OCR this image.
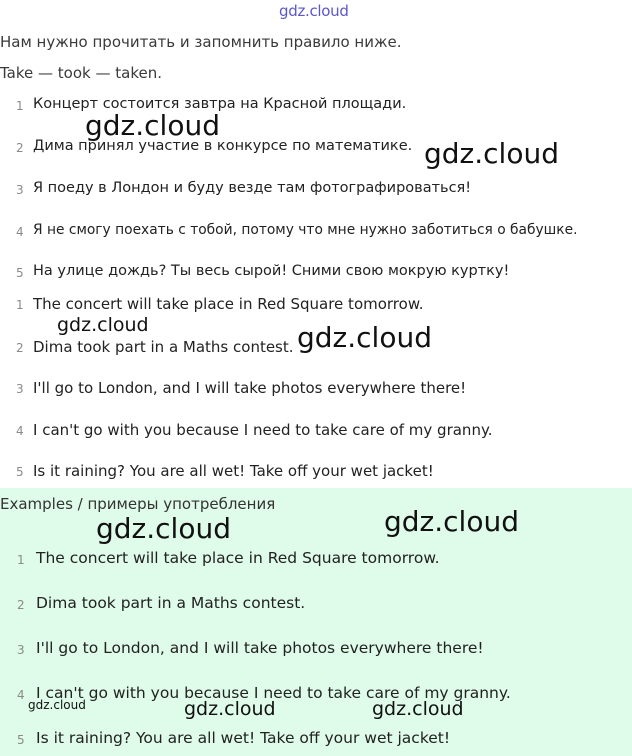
gdz.cloud
Нам нужно прочитать и запомнить правило ниже.
Take — took — taken.
1 Концерт состоится завтра на Красной площади.
2 Дима принял участие в конкурсе по математике.
3 Я поеду в Лондон и буду везде там фотографироваться!
4 Я не смогу поехать с тобой, потому что мне нужно заботиться о бабушке.
5 На улице дождь? Ты весь сырой! Сними свою мокрую куртку!
1 The concert will take place in Red Square tomorrow.
2 Dima took part in a Maths contest.
3 I'll go to London, and I will take photos everywhere there!
4 I can't go with you because I need to take care of my granny.
5 Is it raining? You are all wet! Take off your wet jacket!
Examples / примеры употребления
1 The concert will take place in Red Square tomorrow.
2 Dima took part in a Maths contest.
3 I'll go to London, and I will take photos everywhere there!
4 I can't go with you because I need to take care of my granny.
5 Is it raining? You are all wet! Take off your wet jacket!
gdz.cloud
gdz.cloud
gdz.cloud	gdz.cloud
gdz.cloud	gdz.cloud
gdz.cloud	gdz.cloud	gdz.cloud
